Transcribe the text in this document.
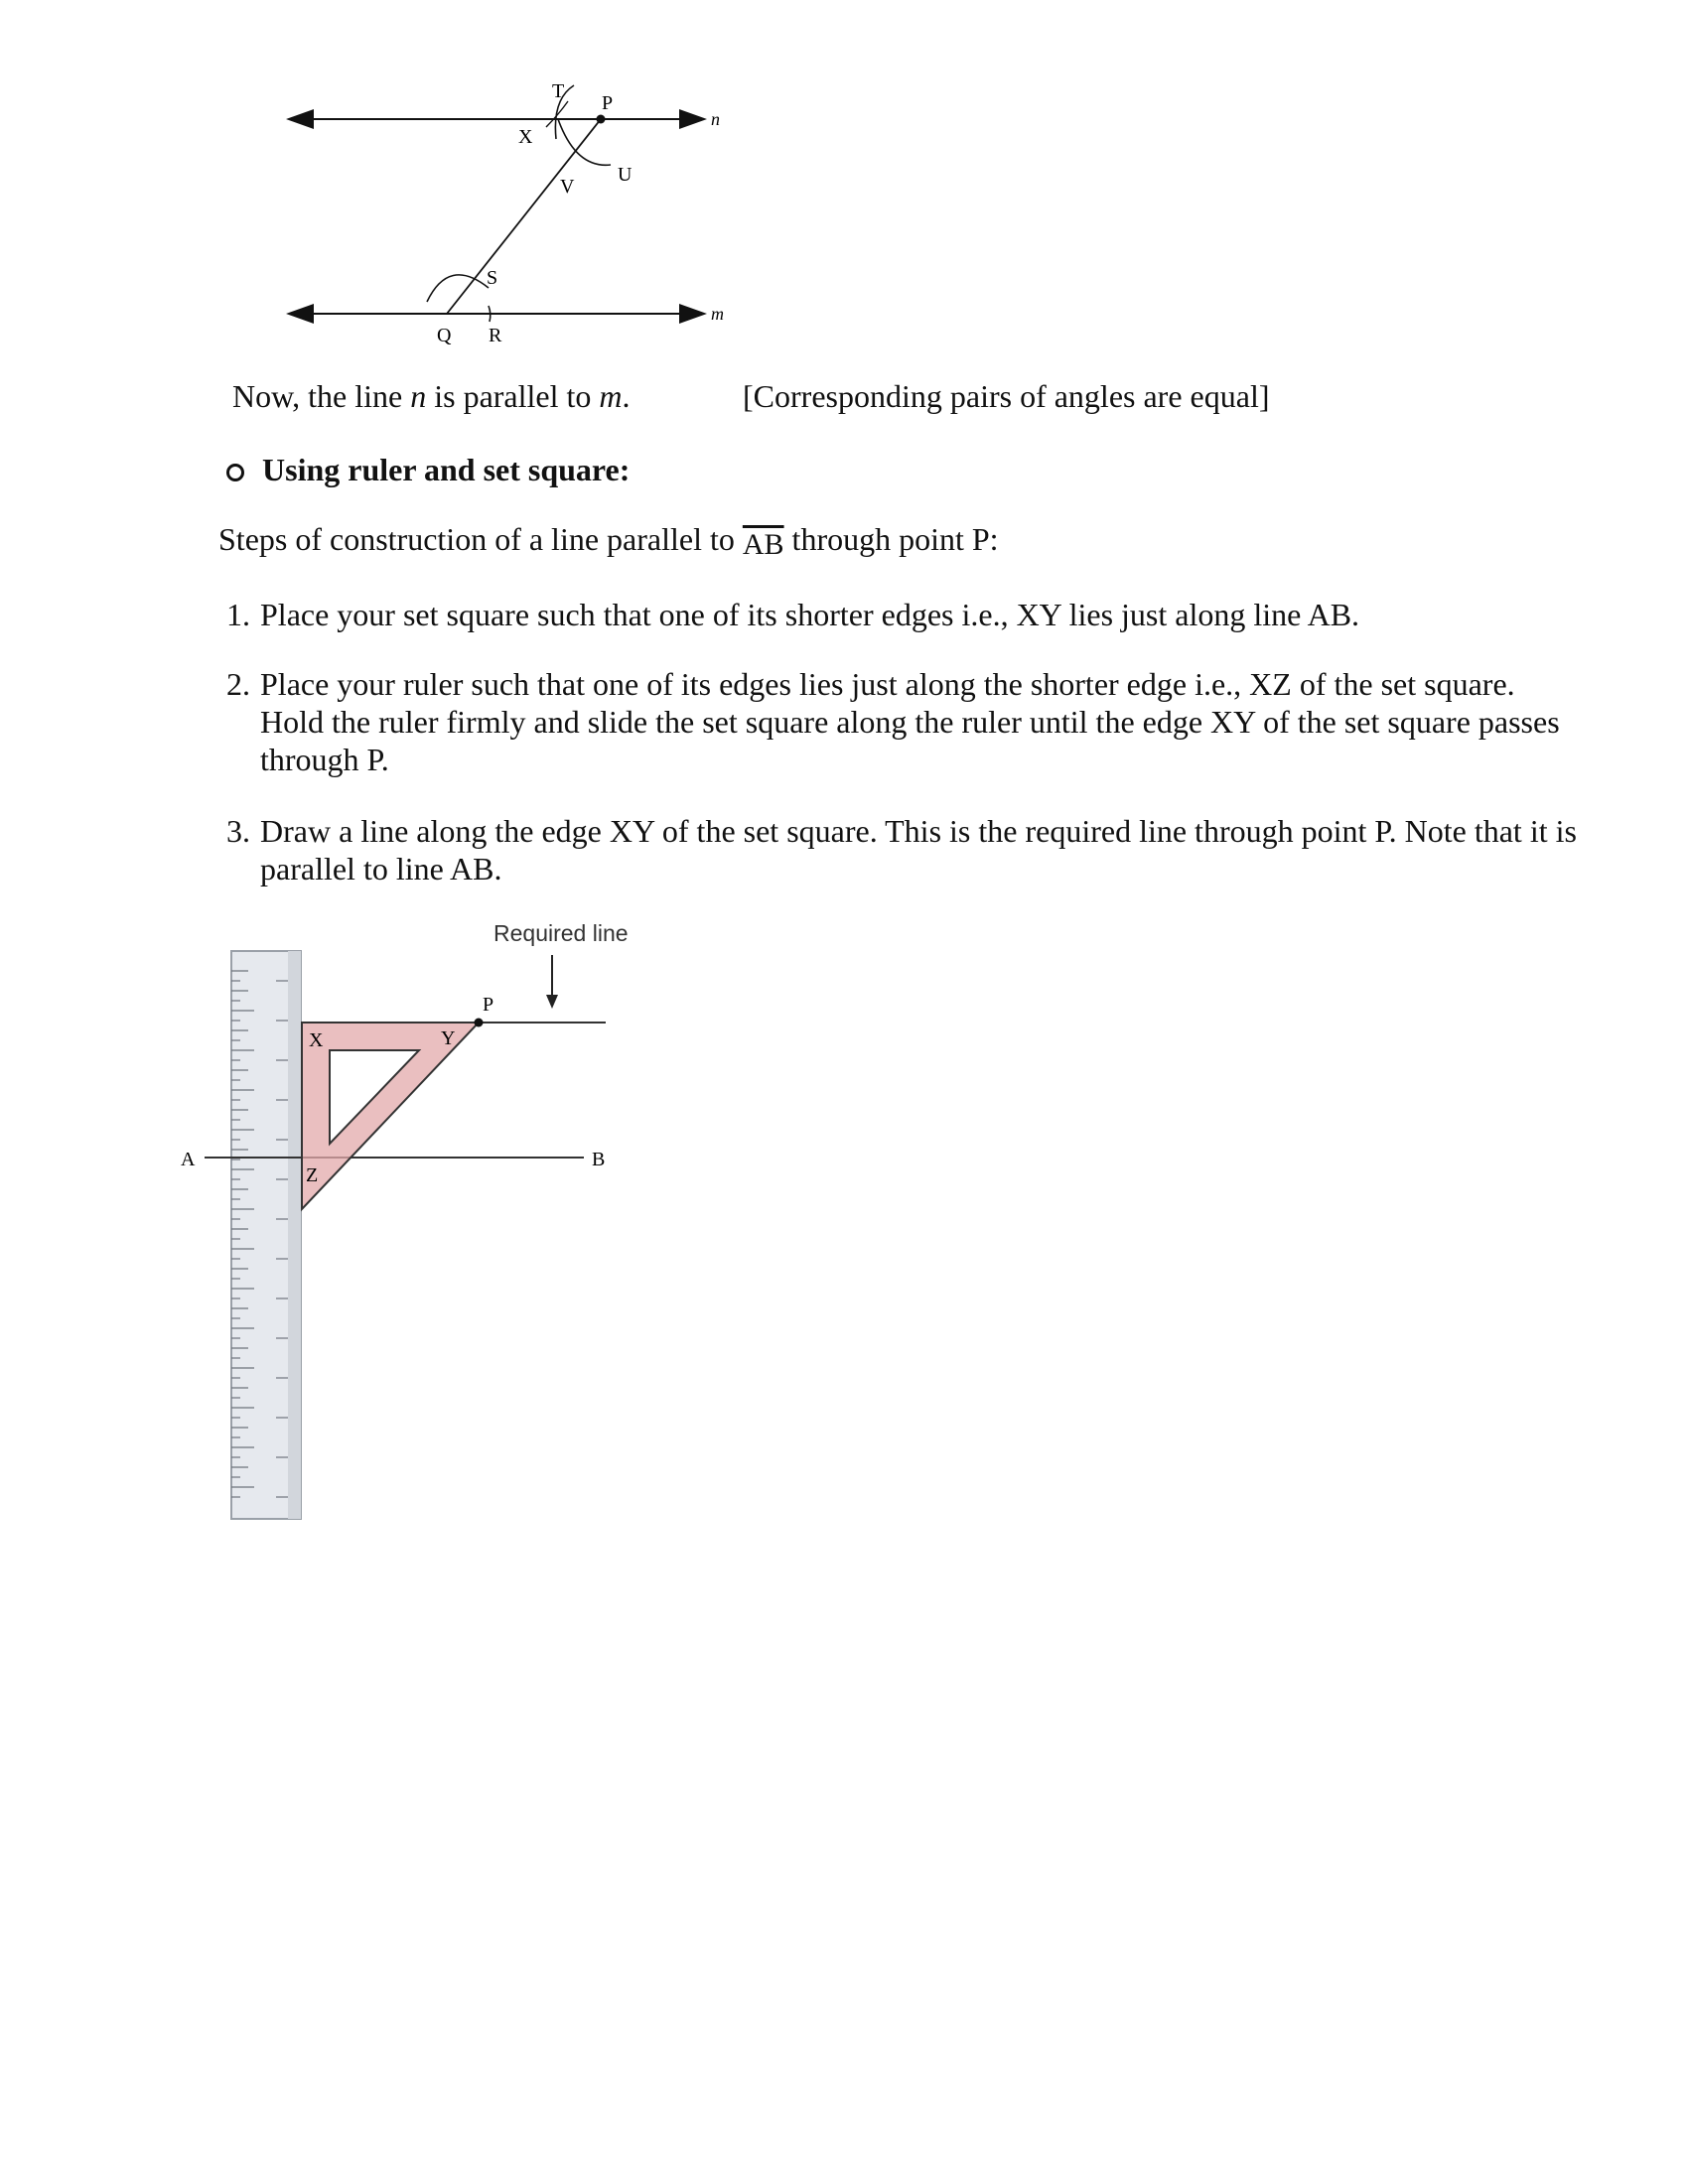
T
P
n
X
U
V
S
m
Q R
Now, the line n is parallel to m.	[Corresponding pairs of angles are equal]
Using ruler and set square:
Steps of construction of a line parallel to $\overline{AB}$ through point P:
1. Place your set square such that one of its shorter edges i.e., XY lies just along line AB.
2. Place your ruler such that one of its edges lies just along the shorter edge i.e., XZ of the set square. Hold the ruler firmly and slide the set square along the ruler until the edge XY of the set square passes through P.
3. Draw a line along the edge XY of the set square. This is the required line through point P. Note that it is parallel to line AB.
Required line
A	B
P
X	Y
Z
